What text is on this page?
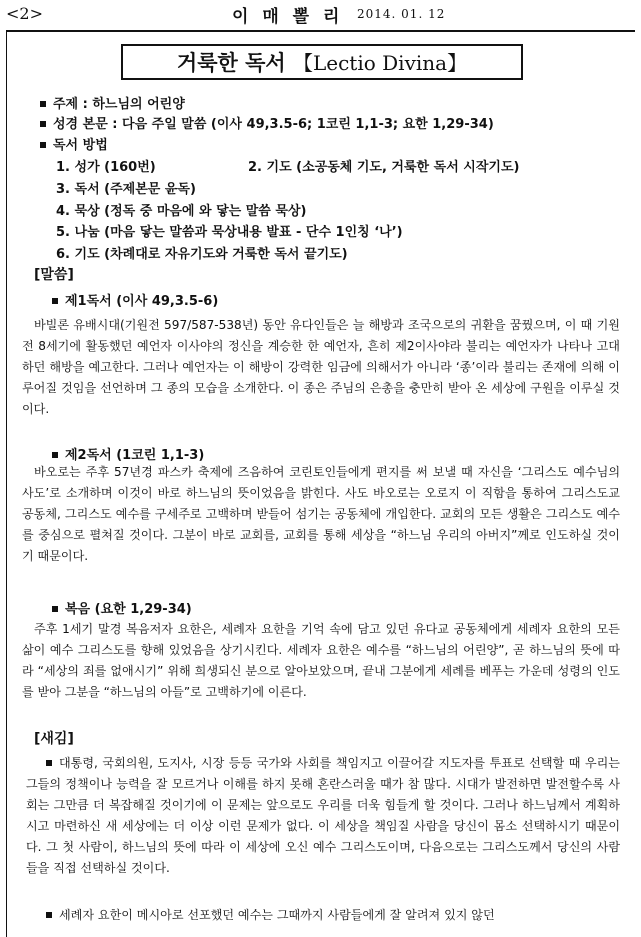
<2>	이 매 뽈 리 2014. 01. 12
거룩한 독서 【Lectio Divina】
주제 : 하느님의 어린양
성경 본문 : 다음 주일 말씀 (이사 49,3.5-6; 1코린 1,1-3; 요한 1,29-34)
독서 방법
1. 성가 (160번)	2. 기도 (소공동체 기도, 거룩한 독서 시작기도)
3. 독서 (주제본문 윤독)
4. 묵상 (정독 중 마음에 와 닿는 말씀 묵상)
5. 나눔 (마음 닿는 말씀과 묵상내용 발표 - 단수 1인칭 ‘나’)
6. 기도 (차례대로 자유기도와 거룩한 독서 끝기도)
[말씀]
제1독서 (이사 49,3.5-6)
바빌론 유배시대(기원전 597/587-538년) 동안 유다인들은 늘 해방과 조국으로의 귀환을 꿈꿨으며, 이 때 기원전 8세기에 활동했던 예언자 이사야의 정신을 계승한 한 예언자, 흔히 제2이사야라 불리는 예언자가 나타나 고대하던 해방을 예고한다. 그러나 예언자는 이 해방이 강력한 임금에 의해서가 아니라 ‘종’이라 불리는 존재에 의해 이루어질 것임을 선언하며 그 종의 모습을 소개한다. 이 종은 주님의 은총을 충만히 받아 온 세상에 구원을 이루실 것이다.
제2독서 (1코린 1,1-3)
바오로는 주후 57년경 파스카 축제에 즈음하여 코린토인들에게 편지를 써 보낼 때 자신을 ‘그리스도 예수님의 사도’로 소개하며 이것이 바로 하느님의 뜻이었음을 밝힌다. 사도 바오로는 오로지 이 직함을 통하여 그리스도교 공동체, 그리스도 예수를 구세주로 고백하며 받들어 섬기는 공동체에 개입한다. 교회의 모든 생활은 그리스도 예수를 중심으로 펼쳐질 것이다. 그분이 바로 교회를, 교회를 통해 세상을 “하느님 우리의 아버지”께로 인도하실 것이기 때문이다.
복음 (요한 1,29-34)
주후 1세기 말경 복음저자 요한은, 세례자 요한을 기억 속에 담고 있던 유다교 공동체에게 세례자 요한의 모든 삶이 예수 그리스도를 향해 있었음을 상기시킨다. 세례자 요한은 예수를 “하느님의 어린양”, 곧 하느님의 뜻에 따라 “세상의 죄를 없애시기” 위해 희생되신 분으로 알아보았으며, 끝내 그분에게 세례를 베푸는 가운데 성령의 인도를 받아 그분을 “하느님의 아들”로 고백하기에 이른다.
[새김]
대통령, 국회의원, 도지사, 시장 등등 국가와 사회를 책임지고 이끌어갈 지도자를 투표로 선택할 때 우리는 그들의 정책이나 능력을 잘 모르거나 이해를 하지 못해 혼란스러울 때가 참 많다. 시대가 발전하면 발전할수록 사회는 그만큼 더 복잡해질 것이기에 이 문제는 앞으로도 우리를 더욱 힘들게 할 것이다. 그러나 하느님께서 계획하시고 마련하신 새 세상에는 더 이상 이런 문제가 없다. 이 세상을 책임질 사람을 당신이 몸소 선택하시기 때문이다. 그 첫 사람이, 하느님의 뜻에 따라 이 세상에 오신 예수 그리스도이며, 다음으로는 그리스도께서 당신의 사람들을 직접 선택하실 것이다.
세례자 요한이 메시아로 선포했던 예수는 그때까지 사람들에게 잘 알려져 있지 않던
